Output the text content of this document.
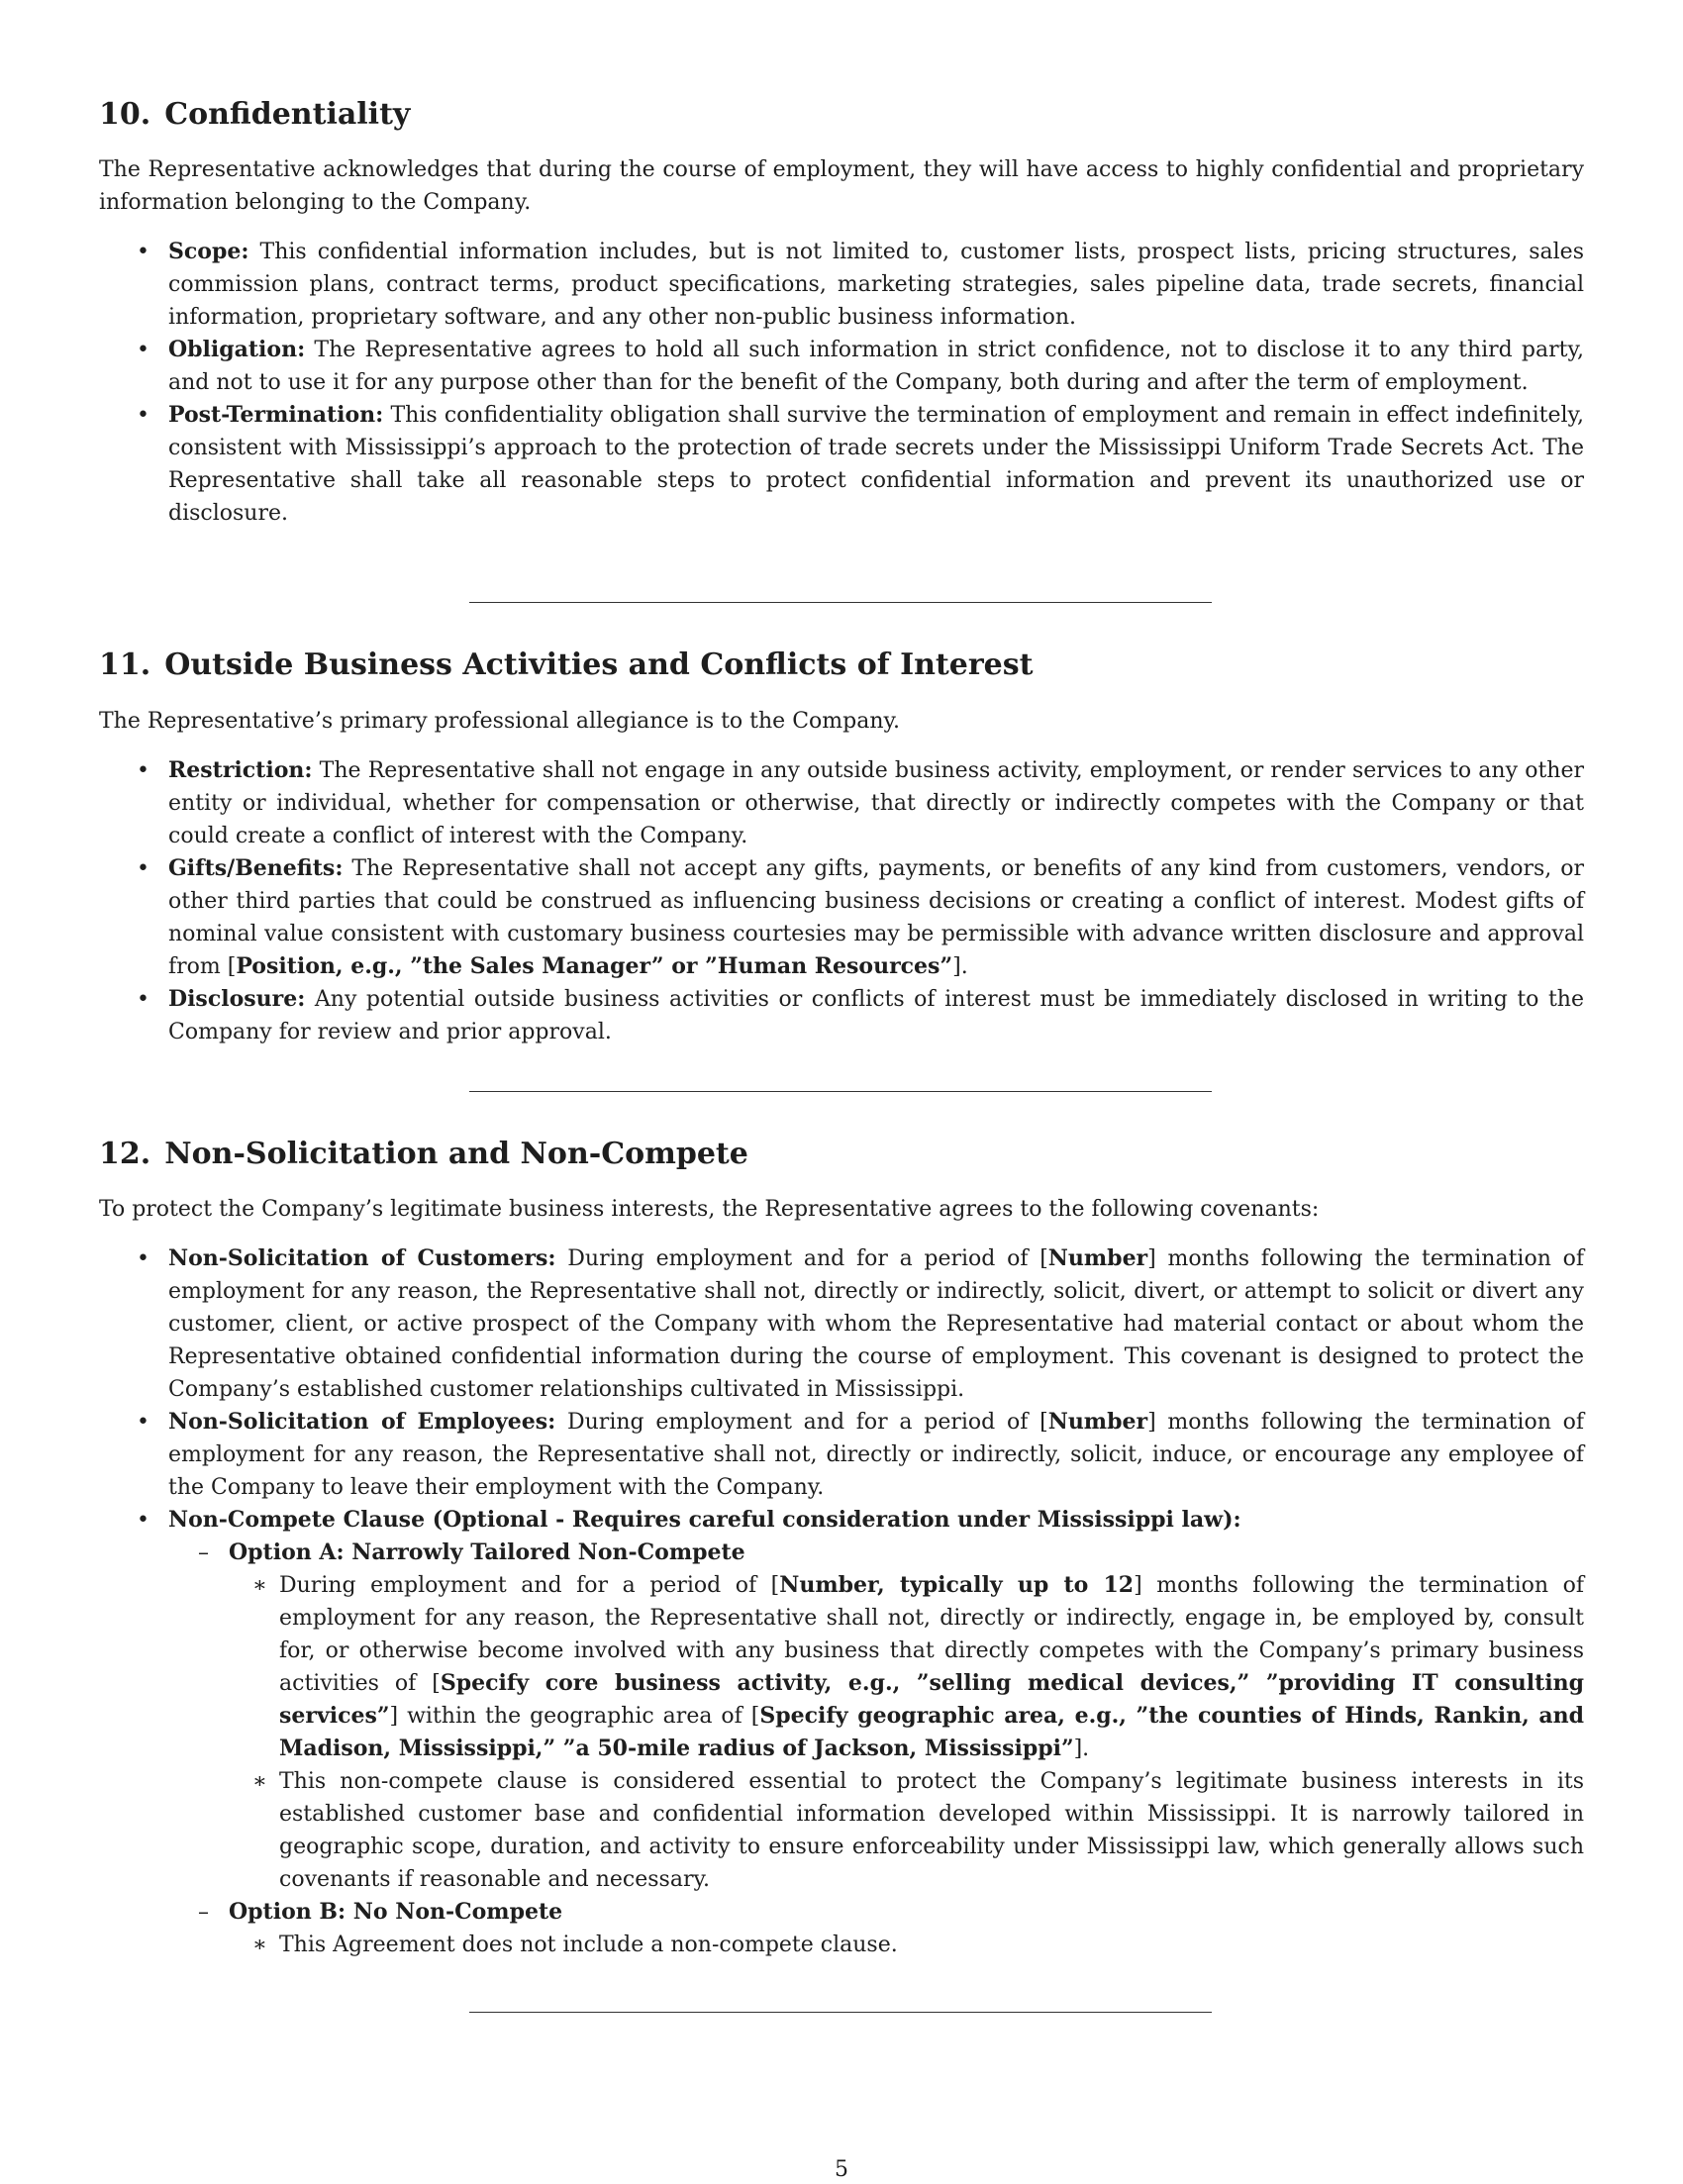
10. Confidentiality

The Representative acknowledges that during the course of employment, they will have access to highly confidential and proprietary information belonging to the Company.

• Scope: This confidential information includes, but is not limited to, customer lists, prospect lists, pricing structures, sales commission plans, contract terms, product specifications, marketing strategies, sales pipeline data, trade secrets, financial information, proprietary software, and any other non-public business information.
• Obligation: The Representative agrees to hold all such information in strict confidence, not to disclose it to any third party, and not to use it for any purpose other than for the benefit of the Company, both during and after the term of employment.
• Post-Termination: This confidentiality obligation shall survive the termination of employment and remain in effect indefinitely, consistent with Mississippi’s approach to the protection of trade secrets under the Mississippi Uniform Trade Secrets Act. The Representative shall take all reasonable steps to protect confidential information and prevent its unauthorized use or disclosure.
11. Outside Business Activities and Conflicts of Interest

The Representative’s primary professional allegiance is to the Company.

• Restriction: The Representative shall not engage in any outside business activity, employment, or render services to any other entity or individual, whether for compensation or otherwise, that directly or indirectly competes with the Company or that could create a conflict of interest with the Company.
• Gifts/Benefits: The Representative shall not accept any gifts, payments, or benefits of any kind from customers, vendors, or other third parties that could be construed as influencing business decisions or creating a conflict of interest. Modest gifts of nominal value consistent with customary business courtesies may be permissible with advance written disclosure and approval from [Position, e.g., ”the Sales Manager” or ”Human Resources”].
• Disclosure: Any potential outside business activities or conflicts of interest must be immediately disclosed in writing to the Company for review and prior approval.
12. Non-Solicitation and Non-Compete

To protect the Company’s legitimate business interests, the Representative agrees to the following covenants:

• Non-Solicitation of Customers: During employment and for a period of [Number] months following the termination of employment for any reason, the Representative shall not, directly or indirectly, solicit, divert, or attempt to solicit or divert any customer, client, or active prospect of the Company with whom the Representative had material contact or about whom the Representative obtained confidential information during the course of employment. This covenant is designed to protect the Company’s established customer relationships cultivated in Mississippi.
• Non-Solicitation of Employees: During employment and for a period of [Number] months following the termination of employment for any reason, the Representative shall not, directly or indirectly, solicit, induce, or encourage any employee of the Company to leave their employment with the Company.
• Non-Compete Clause (Optional - Requires careful consideration under Mississippi law):
– Option A: Narrowly Tailored Non-Compete
∗ During employment and for a period of [Number, typically up to 12] months following the termination of employment for any reason, the Representative shall not, directly or indirectly, engage in, be employed by, consult for, or otherwise become involved with any business that directly competes with the Company’s primary business activities of [Specify core business activity, e.g., ”selling medical devices,” ”providing IT consulting services”] within the geographic area of [Specify geographic area, e.g., ”the counties of Hinds, Rankin, and Madison, Mississippi,” ”a 50-mile radius of Jackson, Mississippi”].
∗ This non-compete clause is considered essential to protect the Company’s legitimate business interests in its established customer base and confidential information developed within Mississippi. It is narrowly tailored in geographic scope, duration, and activity to ensure enforceability under Mississippi law, which generally allows such covenants if reasonable and necessary.
– Option B: No Non-Compete
∗ This Agreement does not include a non-compete clause.
5
